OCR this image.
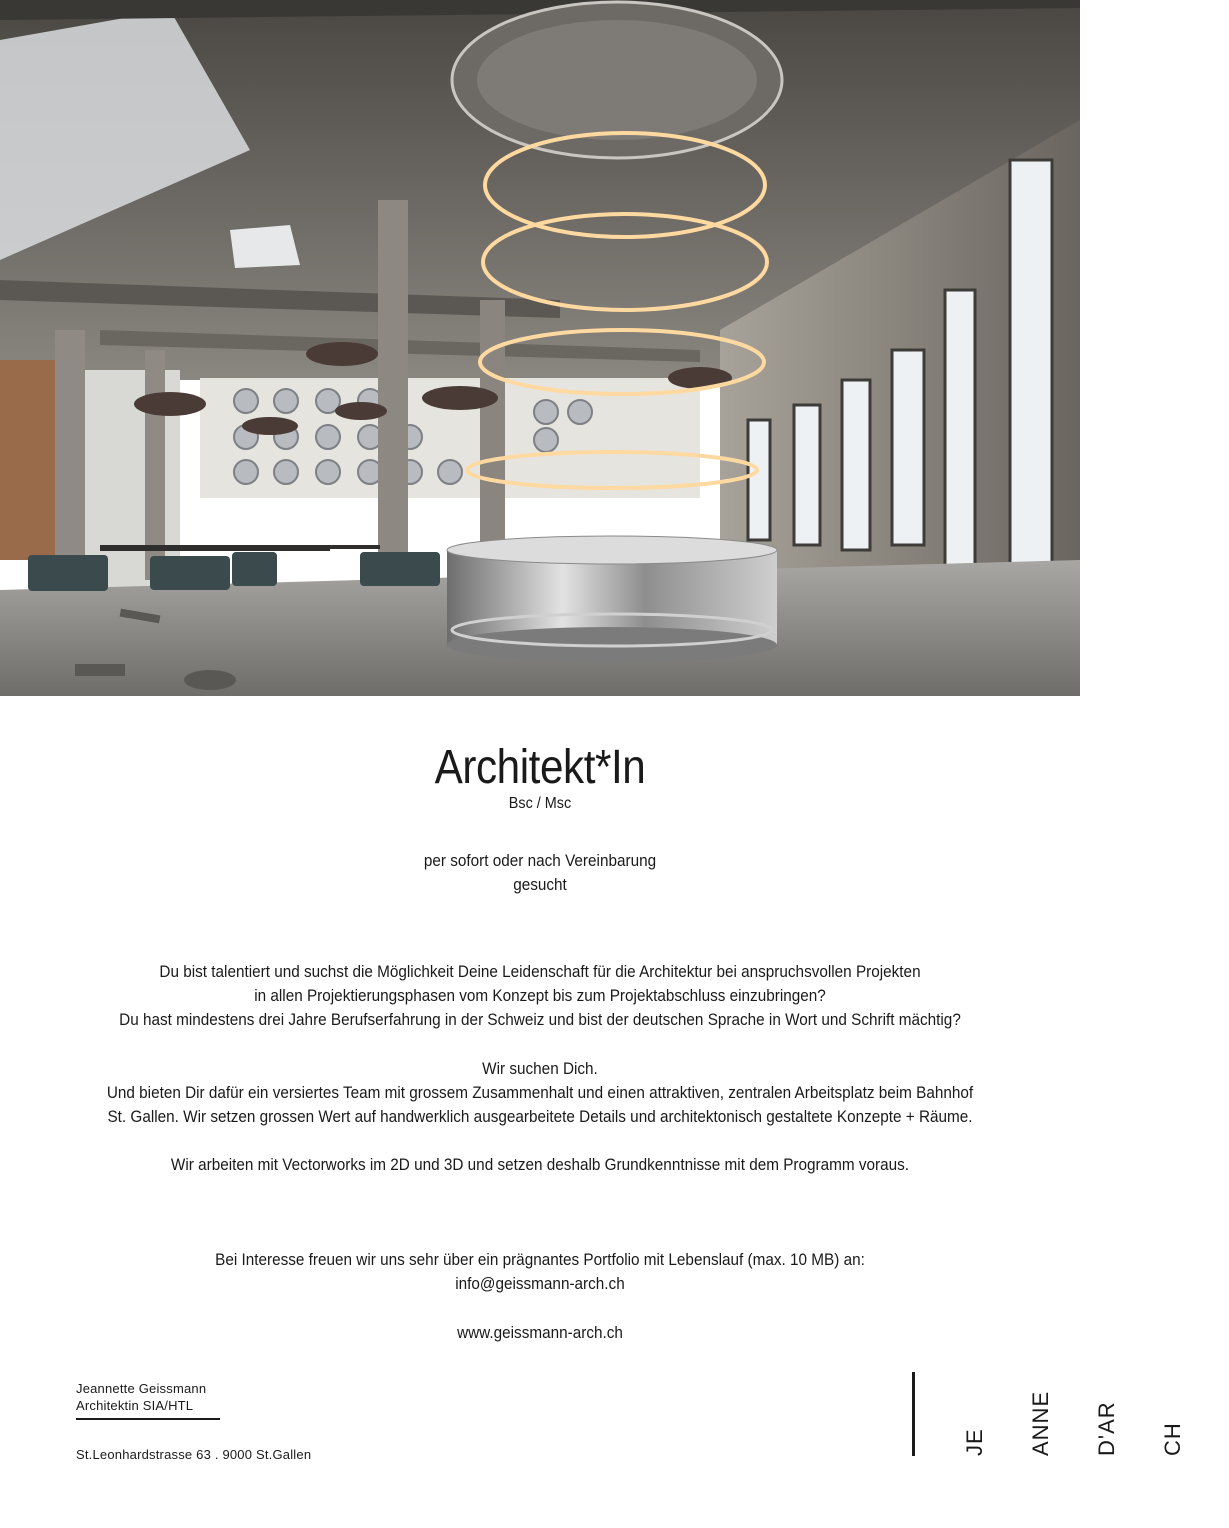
Architekt*In
Bsc / Msc

per sofort oder nach Vereinbarung

gesucht

Du bist talentiert und suchst die Möglichkeit Deine Leidenschaft für die Architektur bei anspruchsvollen Projekten

in allen Projektierungsphasen vom Konzept bis zum Projektabschluss einzubringen?

Du hast mindestens drei Jahre Berufserfahrung in der Schweiz und bist der deutschen Sprache in Wort und Schrift mächtig?

Wir suchen Dich.

Und bieten Dir dafür ein versiertes Team mit grossem Zusammenhalt und einen attraktiven, zentralen Arbeitsplatz beim Bahnhof

St. Gallen. Wir setzen grossen Wert auf handwerklich ausgearbeitete Details und architektonisch gestaltete Konzepte + Räume.

Wir arbeiten mit Vectorworks im 2D und 3D und setzen deshalb Grundkenntnisse mit dem Programm voraus.

Bei Interesse freuen wir uns sehr über ein prägnantes Portfolio mit Lebenslauf (max. 10 MB) an:

info@geissmann-arch.ch

www.geissmann-arch.ch

Jeannette Geissmann
Architektin SIA/HTL
St.Leonhardstrasse 63 . 9000 St.Gallen

	JE

ANNE

D'AR

CH
